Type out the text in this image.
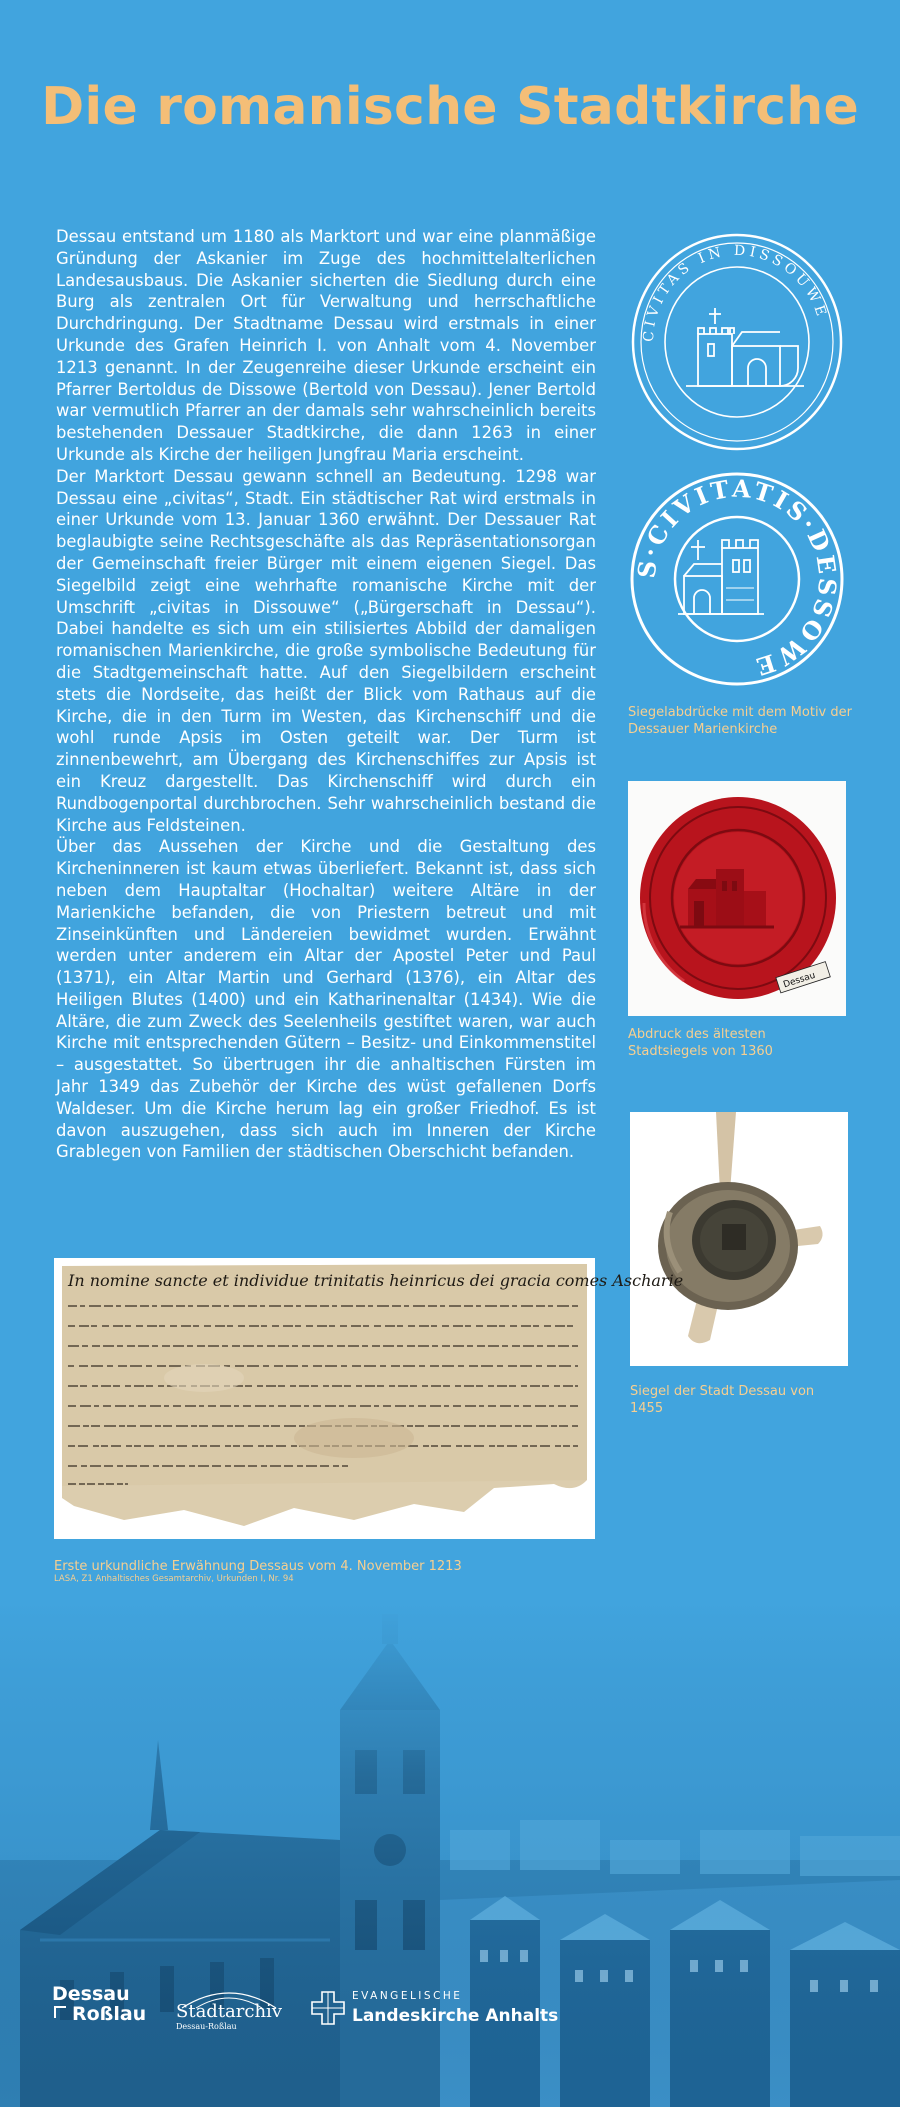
Die romanische Stadtkirche

Dessau entstand um 1180 als Marktort und war eine planmäßige Gründung der Askanier im Zuge des hochmittelalterlichen Landesausbaus. Die Askanier sicherten die Siedlung durch eine Burg als zentralen Ort für Verwaltung und herrschaftliche Durchdringung. Der Stadtname Dessau wird erstmals in einer Urkunde des Grafen Heinrich I. von Anhalt vom 4. November 1213 genannt. In der Zeugenreihe dieser Urkunde erscheint ein Pfarrer Bertoldus de Dissowe (Bertold von Dessau). Jener Bertold war vermutlich Pfarrer an der damals sehr wahrscheinlich bereits bestehenden Dessauer Stadtkirche, die dann 1263 in einer Urkunde als Kirche der heiligen Jungfrau Maria erscheint.

Der Marktort Dessau gewann schnell an Bedeutung. 1298 war Dessau eine „civitas“, Stadt. Ein städtischer Rat wird erstmals in einer Urkunde vom 13. Januar 1360 erwähnt. Der Dessauer Rat beglaubigte seine Rechtsgeschäfte als das Repräsentationsorgan der Gemeinschaft freier Bürger mit einem eigenen Siegel. Das Siegelbild zeigt eine wehrhafte romanische Kirche mit der Umschrift „civitas in Dissouwe“ („Bürgerschaft in Dessau“). Dabei handelte es sich um ein stilisiertes Abbild der damaligen romanischen Marienkirche, die große symbolische Bedeutung für die Stadtgemeinschaft hatte. Auf den Siegelbildern erscheint stets die Nordseite, das heißt der Blick vom Rathaus auf die Kirche, die in den Turm im Westen, das Kirchenschiff und die wohl runde Apsis im Osten geteilt war. Der Turm ist zinnenbewehrt, am Übergang des Kirchenschiffes zur Apsis ist ein Kreuz dargestellt. Das Kirchenschiff wird durch ein Rundbogenportal durchbrochen. Sehr wahrscheinlich bestand die Kirche aus Feldsteinen.

Über das Aussehen der Kirche und die Gestaltung des Kircheninneren ist kaum etwas überliefert. Bekannt ist, dass sich neben dem Hauptaltar (Hochaltar) weitere Altäre in der Marienkiche befanden, die von Priestern betreut und mit Zinseinkünften und Ländereien bewidmet wurden. Erwähnt werden unter anderem ein Altar der Apostel Peter und Paul (1371), ein Altar Martin und Gerhard (1376), ein Altar des Heiligen Blutes (1400) und ein Katharinenaltar (1434). Wie die Altäre, die zum Zweck des Seelenheils gestiftet waren, war auch Kirche mit entsprechenden Gütern – Besitz- und Einkommenstitel – ausgestattet. So übertrugen ihr die anhaltischen Fürsten im Jahr 1349 das Zubehör der Kirche des wüst gefallenen Dorfs Waldeser. Um die Kirche herum lag ein großer Friedhof. Es ist davon auszugehen, dass sich auch im Inneren der Kirche Grablegen von Familien der städtischen Oberschicht befanden.

CIVITAS IN DISSOUWE
S·CIVITATIS·DESSOWE
Siegelabdrücke mit dem Motiv der Dessauer Marienkirche
Dessau
Abdruck des ältesten Stadtsiegels von 1360
Siegel der Stadt Dessau von 1455
In nomine sancte et individue trinitatis heinricus dei gracia comes Ascharie
Erste urkundliche Erwähnung Dessaus vom 4. November 1213
LASA, Z1 Anhaltisches Gesamtarchiv, Urkunden I, Nr. 94
Dessau
Roßlau Stadtarchiv
Dessau-Roßlau
EVANGELISCHE
Landeskirche Anhalts
